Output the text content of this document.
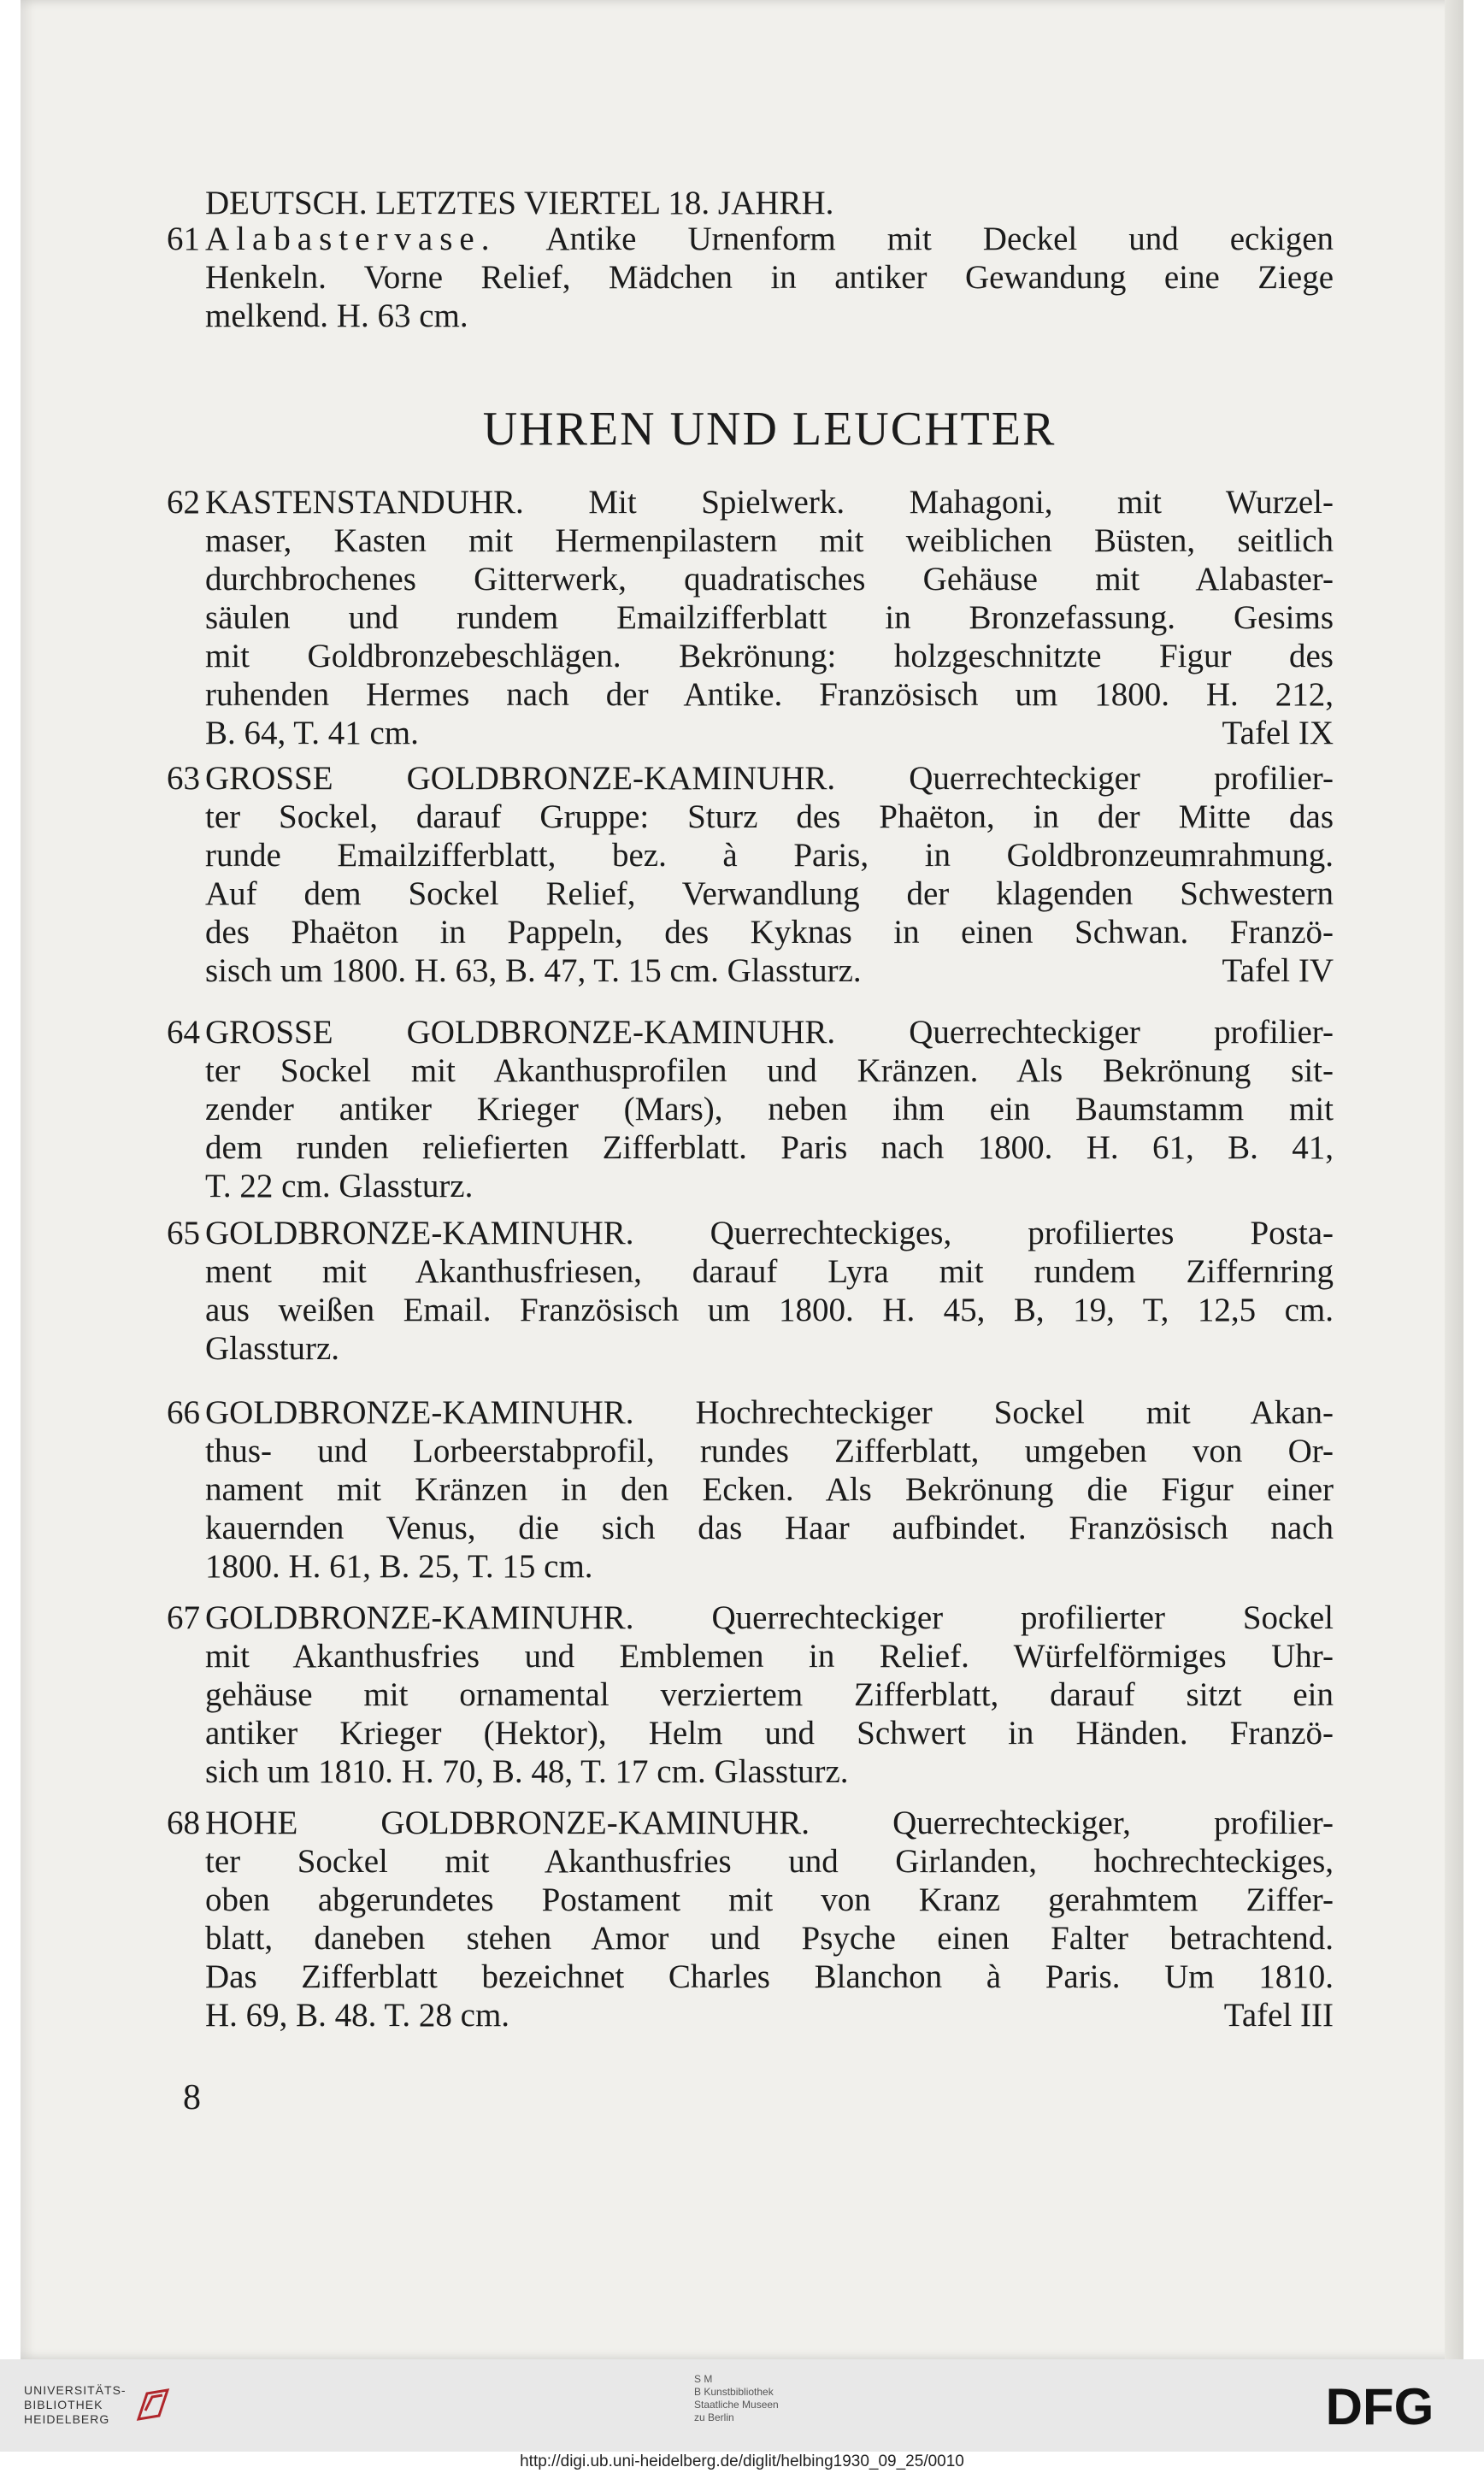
DEUTSCH. LETZTES VIERTEL 18. JAHRH.
61 Alabastervase. Antike Urnenform mit Deckel und eckigen
Henkeln. Vorne Relief, Mädchen in antiker Gewandung eine Ziege
melkend. H. 63 cm.
UHREN UND LEUCHTER
62 KASTENSTANDUHR. Mit Spielwerk. Mahagoni, mit Wurzel-
maser, Kasten mit Hermenpilastern mit weiblichen Büsten, seitlich
durchbrochenes Gitterwerk, quadratisches Gehäuse mit Alabaster-
säulen und rundem Emailzifferblatt in Bronzefassung. Gesims
mit Goldbronzebeschlägen. Bekrönung: holzgeschnitzte Figur des
ruhenden Hermes nach der Antike. Französisch um 1800. H. 212,
B. 64, T. 41 cm.	Tafel IX
63 GROSSE GOLDBRONZE-KAMINUHR. Querrechteckiger profilier-
ter Sockel, darauf Gruppe: Sturz des Phaëton, in der Mitte das
runde Emailzifferblatt, bez. à Paris, in Goldbronzeumrahmung.
Auf dem Sockel Relief, Verwandlung der klagenden Schwestern
des Phaëton in Pappeln, des Kyknas in einen Schwan. Franzö-
sisch um 1800. H. 63, B. 47, T. 15 cm. Glassturz.	Tafel IV
64 GROSSE GOLDBRONZE-KAMINUHR. Querrechteckiger profilier-
ter Sockel mit Akanthusprofilen und Kränzen. Als Bekrönung sit-
zender antiker Krieger (Mars), neben ihm ein Baumstamm mit
dem runden reliefierten Zifferblatt. Paris nach 1800. H. 61, B. 41,
T. 22 cm. Glassturz.
65 GOLDBRONZE-KAMINUHR. Querrechteckiges, profiliertes Posta-
ment mit Akanthusfriesen, darauf Lyra mit rundem Ziffernring
aus weißen Email. Französisch um 1800. H. 45, B, 19, T, 12,5 cm.
Glassturz.
66 GOLDBRONZE-KAMINUHR. Hochrechteckiger Sockel mit Akan-
thus- und Lorbeerstabprofil, rundes Zifferblatt, umgeben von Or-
nament mit Kränzen in den Ecken. Als Bekrönung die Figur einer
kauernden Venus, die sich das Haar aufbindet. Französisch nach
1800. H. 61, B. 25, T. 15 cm.
67 GOLDBRONZE-KAMINUHR. Querrechteckiger profilierter Sockel
mit Akanthusfries und Emblemen in Relief. Würfelförmiges Uhr-
gehäuse mit ornamental verziertem Zifferblatt, darauf sitzt ein
antiker Krieger (Hektor), Helm und Schwert in Händen. Franzö-
sich um 1810. H. 70, B. 48, T. 17 cm. Glassturz.
68 HOHE GOLDBRONZE-KAMINUHR. Querrechteckiger, profilier-
ter Sockel mit Akanthusfries und Girlanden, hochrechteckiges,
oben abgerundetes Postament mit von Kranz gerahmtem Ziffer-
blatt, daneben stehen Amor und Psyche einen Falter betrachtend.
Das Zifferblatt bezeichnet Charles Blanchon à Paris. Um 1810.
H. 69, B. 48. T. 28 cm.	Tafel III
8
UNIVERSITÄTS-
BIBLIOTHEK
HEIDELBERG
S M
B Kunstbibliothek
Staatliche Museen
zu Berlin	DFG
http://digi.ub.uni-heidelberg.de/diglit/helbing1930_09_25/0010
